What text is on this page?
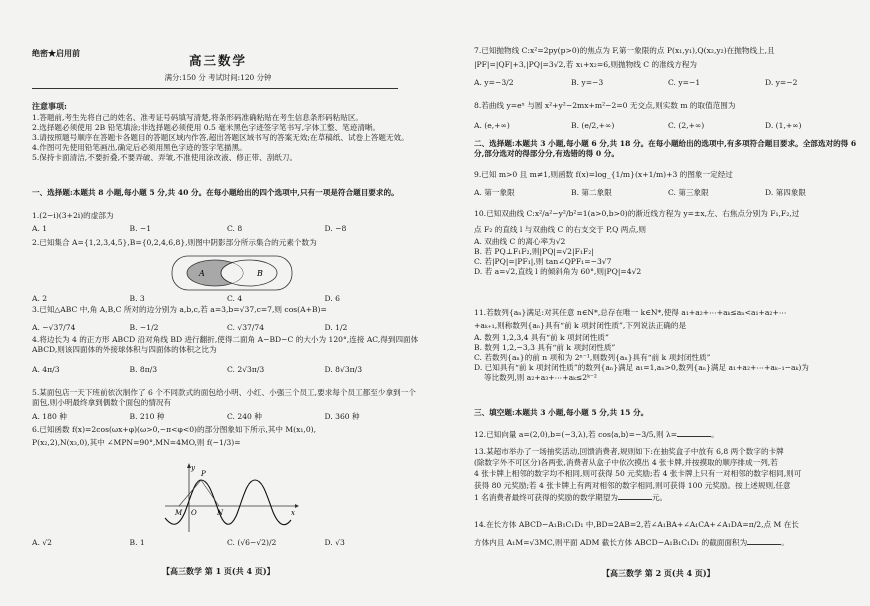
绝密★启用前	高三数学
满分:150 分 考试时间:120 分钟
注意事项:
1.答题前,考生先将自己的姓名、准考证号码填写清楚,将条形码准确粘贴在考生信息条形码粘贴区。
2.选择题必须使用 2B 铅笔填涂;非选择题必须使用 0.5 毫米黑色字迹签字笔书写,字体工整、笔迹清晰。
3.请按照题号顺序在答题卡各题目的答题区域内作答,超出答题区域书写的答案无效;在草稿纸、试卷上答题无效。
4.作图可先使用铅笔画出,确定后必须用黑色字迹的签字笔描黑。
5.保持卡面清洁,不要折叠,不要弄破、弄皱,不准使用涂改液、修正带、刮纸刀。
一、选择题:本题共 8 小题,每小题 5 分,共 40 分。在每小题给出的四个选项中,只有一项是符合题目要求的。
1.(2−i)(3+2i)的虚部为
A. 1	B. −1	C. 8	D. −8
2.已知集合 A={1,2,3,4,5},B={0,2,4,6,8},则图中阴影部分所示集合的元素个数为
A	B
A. 2	B. 3	C. 4	D. 6
3.已知△ABC 中,角 A,B,C 所对的边分别为 a,b,c,若 a=3,b=√37,c=7,则 cos(A+B)=
A. −√37/74	B. −1/2	C. √37/74	D. 1/2
4.将边长为 4 的正方形 ABCD 沿对角线 BD 进行翻折,使得二面角 A−BD−C 的大小为 120°,连接 AC,得到四面体 ABCD,则该四面体的外接球体积与四面体的体积之比为
A. 4π/3	B. 8π/3	C. 2√3π/3	D. 8√3π/3
5.某面包店一天下班前依次制作了 6 个不同款式的面包给小明、小红、小强三个员工,要求每个员工都至少拿到一个面包,则小明最终拿到偶数个面包的情况有
A. 180 种	B. 210 种	C. 240 种	D. 360 种
6.已知函数 f(x)=2cos(ωx+φ)(ω>0,−π<φ<0)的部分图象如下所示,其中 M(x₁,0),
P(x₂,2),N(x₃,0),其中 ∠MPN=90°,MN=4MO,则 f(−1/3)=
y
P
M O	N	x
A. √2	B. 1	C. (√6−√2)/2	D. √3
【高三数学 第 1 页(共 4 页)】
7.已知抛物线 C:x²=2py(p>0)的焦点为 F,第一象限的点 P(x₁,y₁),Q(x₂,y₂)在抛物线上,且
|PF|=|QF|+3,|PQ|=3√2,若 x₁+x₂=6,则抛物线 C 的准线方程为
A. y=−3/2	B. y=−3	C. y=−1	D. y=−2
8.若曲线 y=eˣ 与圆 x²+y²−2mx+m²−2=0 无交点,则实数 m 的取值范围为
A. (e,+∞)	B. (e/2,+∞)	C. (2,+∞)	D. (1,+∞)
二、选择题:本题共 3 小题,每小题 6 分,共 18 分。在每小题给出的选项中,有多项符合题目要求。全部选对的得 6 分,部分选对的得部分分,有选错的得 0 分。
9.已知 m>0 且 m≠1,则函数 f(x)=log_{1/m}(x+1/m)+3 的图象一定经过
A. 第一象限	B. 第二象限	C. 第三象限	D. 第四象限
10.已知双曲线 C:x²/a²−y²/b²=1(a>0,b>0)的渐近线方程为 y=±x,左、右焦点分别为 F₁,F₂,过
点 F₂ 的直线 l 与双曲线 C 的右支交于 P,Q 两点,则
A. 双曲线 C 的离心率为√2
B. 若 PQ⊥F₁F₂,则|PQ|=√2|F₁F₂|
C. 若|PQ|=|PF₁|,则 tan∠QPF₁=−3√7
D. 若 a=√2,直线 l 的倾斜角为 60°,则|PQ|=4√2
11.若数列{aₙ}满足:对其任意 n∈N*,总存在唯一 k∈N*,使得 a₁+a₂+⋯+aₖ≤aₙ<a₁+a₂+⋯
+aₖ₊₁,则称数列{aₙ}具有“前 k 项封闭性质”,下列说法正确的是
A. 数列 1,2,3,4 具有“前 k 项封闭性质”
B. 数列 1,2,−3,3 具有“前 k 项封闭性质”
C. 若数列{aₙ}的前 n 项和为 2ⁿ⁻¹,则数列{aₙ}具有“前 k 项封闭性质”
D. 已知具有“前 k 项封闭性质”的数列{aₙ}满足 a₁=1,aₙ>0,数列{aₙ}满足 a₁+a₂+⋯+aₖ₋₁−aₖ)为
等比数列,则 a₂+a₃+⋯+aₖ≤2ᵏ⁻²
三、填空题:本题共 3 小题,每小题 5 分,共 15 分。
12.已知向量 a=(2,0),b=(−3,λ),若 cos⟨a,b⟩=−3/5,则 λ=	。
13.某超市举办了一场抽奖活动,回馈消费者,规则如下:在抽奖盒子中放有 6,8 两个数字的卡牌
(除数字外不可区分)各两张,消费者从盒子中依次摸出 4 张卡牌,并按摸取的顺序排成一列,若
4 张卡牌上相邻的数字均不相同,则可获得 50 元奖励;若 4 张卡牌上只有一对相邻的数字相同,则可
获得 80 元奖励;若 4 张卡牌上有两对相邻的数字相同,则可获得 100 元奖励。按上述规则,任意
1 名消费者最终可获得的奖励的数学期望为	元。
14.在长方体 ABCD−A₁B₁C₁D₁ 中,BD=2AB=2,若∠A₁BA+∠A₁CA+∠A₁DA=π/2,点 M 在长
方体内且 A₁M=√3MC,则平面 ADM 截长方体 ABCD−A₁B₁C₁D₁ 的截面面积为	。
【高三数学 第 2 页(共 4 页)】
